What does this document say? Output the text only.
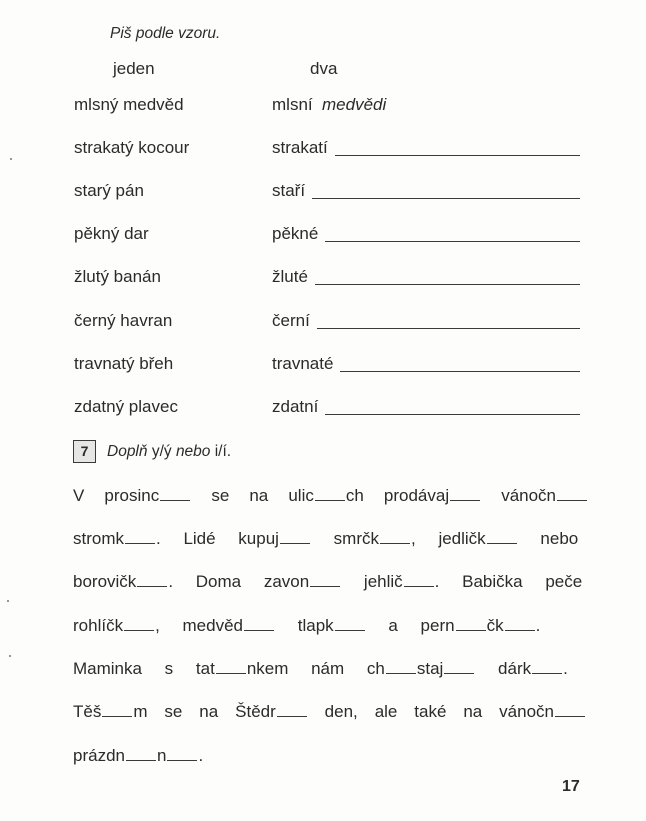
Piš podle vzoru.
jeden	dva
mlsný medvěd	mlsní medvědi
strakatý kocour	strakatí
starý pán	staří
pěkný dar	pěkné
žlutý banán	žluté
černý havran	černí
travnatý břeh	travnaté
zdatný plavec	zdatní
7	Doplň y/ý nebo i/í.
V prosinc se na ulic ch prodávaj vánočn
stromk . Lidé kupuj smrčk , jedličk nebo
borovičk . Doma zavon jehlič . Babička peče
rohlíčk , medvěd tlapk a pern čk .
Maminka s tat nkem nám ch staj dárk .
Těš m se na Štědr den, ale také na vánočn
prázdn n .
17
